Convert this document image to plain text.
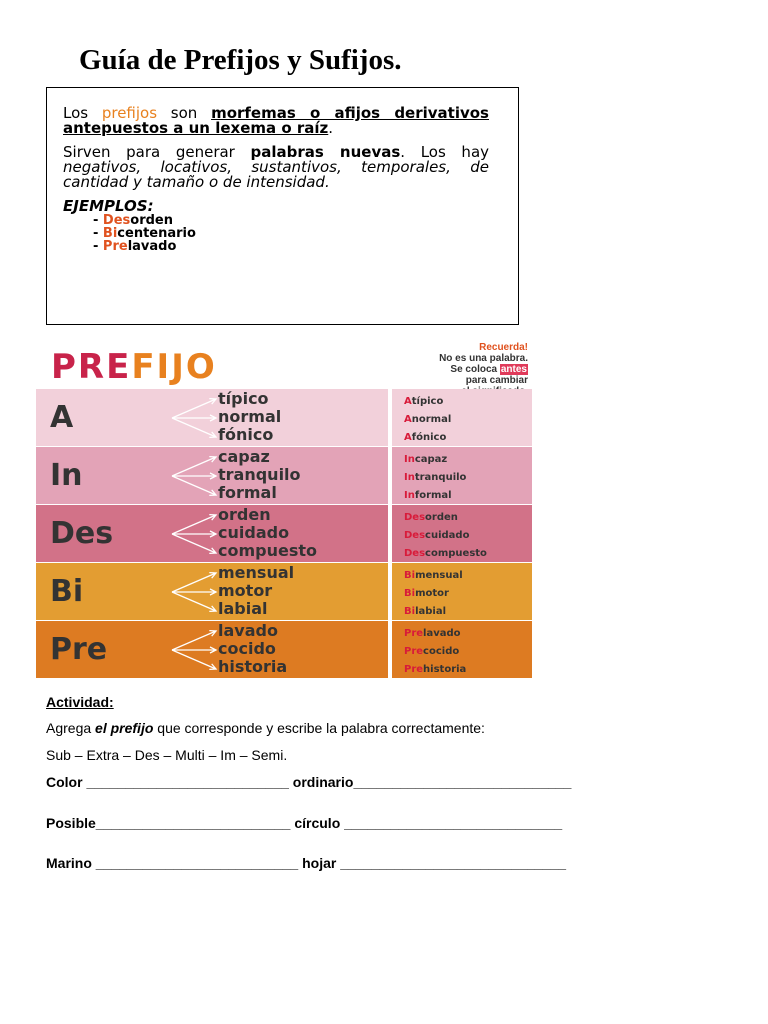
Guía de Prefijos y Sufijos.

Los prefijos son morfemas o afijos derivativos antepuestos a un lexema o raíz.

Sirven para generar palabras nuevas. Los hay negativos, locativos, sustantivos, temporales, de cantidad y tamaño o de intensidad.

EJEMPLOS:
- Desorden
- Bicentenario
- Prelavado
PREFIJO	Recuerda!
No es una palabra.
Se coloca antes
para cambiar
A
típico
normal
fónico
Atípico
Anormal
Afónico
In
capaz
tranquilo
formal
Incapaz
Intranquilo
Informal
Des
orden
cuidado
compuesto
Desorden
Descuidado
Descompuesto
Bi
mensual
motor
labial
Bimensual
Bimotor
Bilabial
Pre
lavado
cocido
historia
Prelavado
Precocido
Prehistoria

Actividad:

Agrega el prefijo que corresponde y escribe la palabra correctamente:
Sub – Extra – Des – Multi – Im – Semi.
Color __________________________ ordinario____________________________
Posible_________________________ círculo ____________________________
Marino __________________________ hojar _____________________________
